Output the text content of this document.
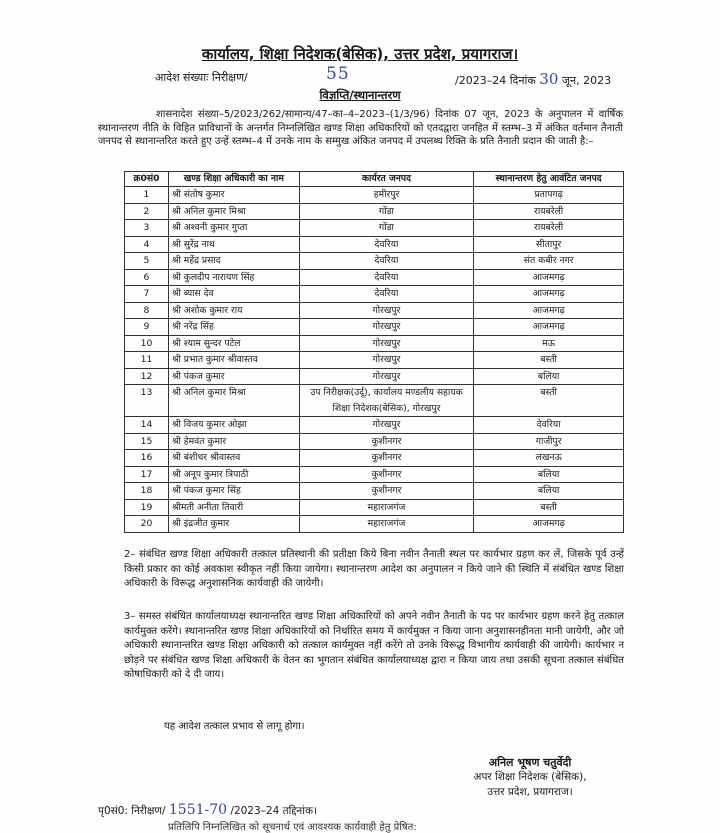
कार्यालय, शिक्षा निदेशक(बेसिक), उत्तर प्रदेश, प्रयागराज।
आदेश संख्याः निरीक्षण/	55	/2023–24 दिनांक 30 जून, 2023
विज्ञप्ति/स्थानान्तरण
शासनादेश संख्या–5/2023/262/सामान्य/47–का–4–2023–(1/3/96) दिनांक 07 जून, 2023 के अनुपालन में वार्षिक स्थानान्तरण नीति के विहित प्राविधानों के अन्तर्गत निम्नलिखित खण्ड शिक्षा अधिकारियों को एतदद्वारा जनहित में स्तम्भ–3 में अंकित वर्तमान तैनाती जनपद से स्थानान्तरित करते हुए उन्हें स्तम्भ–4 में उनके नाम के सम्मुख अंकित जनपद में उपलब्ध रिक्ति के प्रति तैनाती प्रदान की जाती है:–
क्र0सं0	खण्ड शिक्षा अधिकारी का नाम	कार्यरत जनपद	स्थानान्तरण हेतु आवंटित जनपद
1	श्री संतोष कुमार	हमीरपुर	प्रतापगढ़
2	श्री अनिल कुमार मिश्रा	गोंडा	रायबरेली
3	श्री अश्वनी कुमार गुप्ता	गोंडा	रायबरेली
4	श्री सुरेंद्र नाथ	देवरिया	सीतापुर
5	श्री महेंद्र प्रसाद	देवरिया	संत कबीर नगर
6	श्री कुलदीप नारायण सिंह	देवरिया	आजमगढ़
7	श्री ब्यास देव	देवरिया	आजमगढ़
8	श्री अशोक कुमार राय	गोरखपुर	आजमगढ़
9	श्री नरेंद्र सिंह	गोरखपुर	आजमगढ़
10	श्री श्याम सुन्दर पटेल	गोरखपुर	मऊ
11	श्री प्रभात कुमार श्रीवास्तव	गोरखपुर	बस्ती
12	श्री पंकज कुमार	गोरखपुर	बलिया
13	श्री अनिल कुमार मिश्रा	उप निरीक्षक(उर्दू), कार्यालय मण्डलीय सहायक शिक्षा निदेशक(बेसिक), गोरखपुर	बस्ती
14	श्री विजय कुमार ओझा	गोरखपुर	देवरिया
15	श्री हेमवंत कुमार	कुशीनगर	गाजीपुर
16	श्री बंशीधर श्रीवास्तव	कुशीनगर	लखनऊ
17	श्री अनूप कुमार त्रिपाठी	कुशीनगर	बलिया
18	श्री पंकज कुमार सिंह	कुशीनगर	बलिया
19	श्रीमती अनीता तिवारी	महाराजगंज	बस्ती
20	श्री इंद्रजीत कुमार	महाराजगंज	आजमगढ़
2– संबंधित खण्ड शिक्षा अधिकारी तत्काल प्रतिस्थानी की प्रतीक्षा किये बिना नवीन तैनाती स्थल पर कार्यभार ग्रहण कर लें, जिसके पूर्व उन्हें किसी प्रकार का कोई अवकाश स्वीकृत नहीं किया जायेगा। स्थानान्तरण आदेश का अनुपालन न किये जाने की स्थिति में संबंधित खण्ड शिक्षा अधिकारी के विरूद्ध अनुशासनिक कार्यवाही की जायेगी।
3– समस्त संबंधित कार्यालयाध्यक्ष स्थानान्तरित खण्ड शिक्षा अधिकारियों को अपने नवीन तैनाती के पद पर कार्यभार ग्रहण करने हेतु तत्काल कार्यमुक्त करेंगे। स्थानान्तरित खण्ड शिक्षा अधिकारियों को निर्धारित समय में कार्यमुक्त न किया जाना अनुशासनहीनता मानी जायेगी, और जो अधिकारी स्थानान्तरित खण्ड शिक्षा अधिकारी को तत्काल कार्यमुक्त नहीं करेंगे तो उनके विरूद्ध विभागीय कार्यवाही की जायेगी। कार्यभार न छोड़ने पर संबंधित खण्ड शिक्षा अधिकारी के वेतन का भुगतान संबंधित कार्यालयाध्यक्ष द्वारा न किया जाय तथा उसकी सूचना तत्काल संबंधित कोषाधिकारी को दे दी जाय।
यह आदेश तत्काल प्रभाव से लागू होगा।
अनिल भूषण चतुर्वेदी
अपर शिक्षा निदेशक (बेसिक),
उत्तर प्रदेश, प्रयागराज।
पृ0सं0: निरीक्षण/ 1551-70 /2023–24 तद्दिनांक।
प्रतिलिपि निम्नलिखित को सूचनार्थ एवं आवश्यक कार्यवाही हेतु प्रेषित:
